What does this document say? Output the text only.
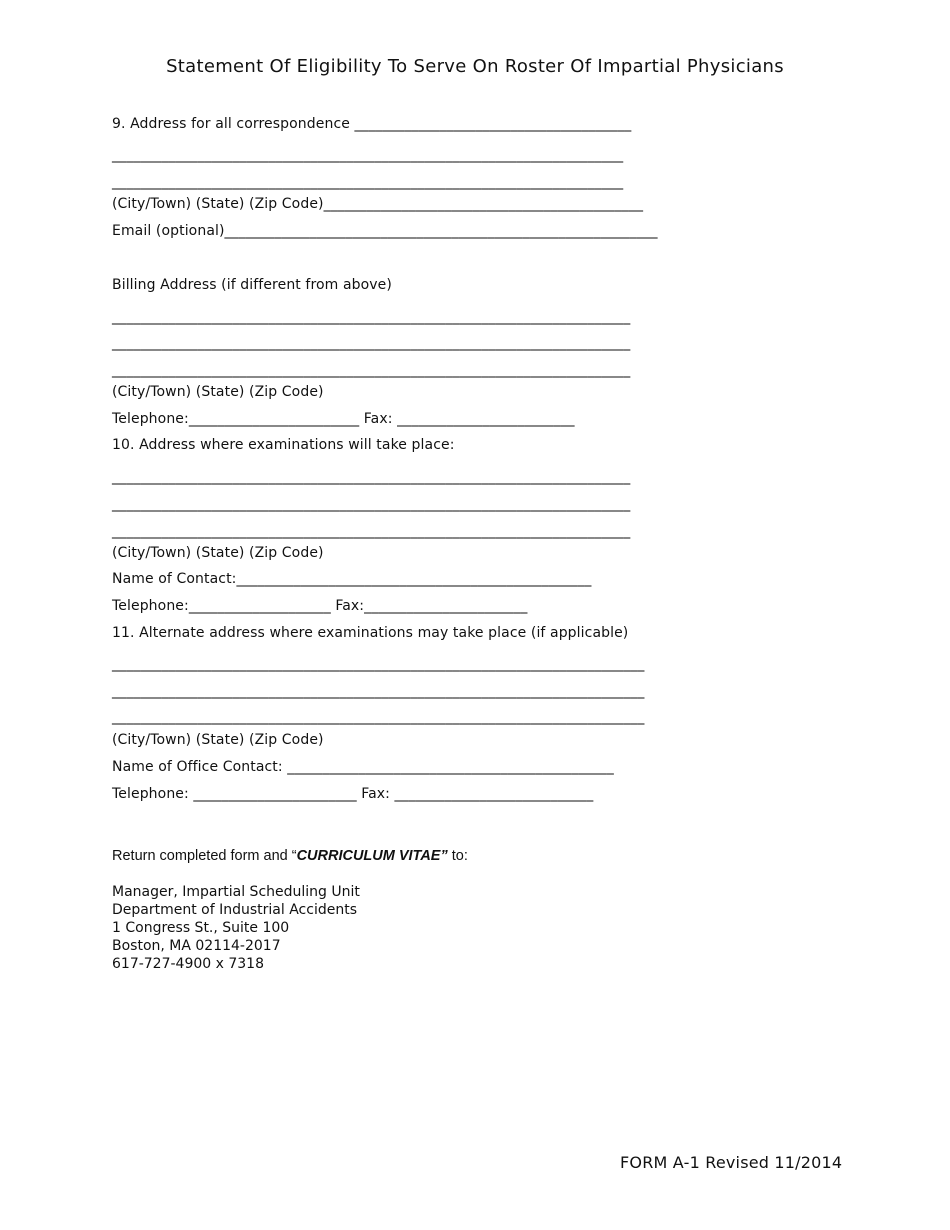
Statement Of Eligibility To Serve On Roster Of Impartial Physicians
9. Address for all correspondence _______________________________________
________________________________________________________________________
________________________________________________________________________
(City/Town) (State) (Zip Code)_____________________________________________
Email (optional)_____________________________________________________________
Billing Address (if different from above)
_________________________________________________________________________
_________________________________________________________________________
_________________________________________________________________________
(City/Town) (State) (Zip Code)
Telephone:________________________ Fax: _________________________
10. Address where examinations will take place:
_________________________________________________________________________
_________________________________________________________________________
_________________________________________________________________________
(City/Town) (State) (Zip Code)
Name of Contact:__________________________________________________
Telephone:____________________ Fax:_______________________
11. Alternate address where examinations may take place (if applicable)
___________________________________________________________________________
___________________________________________________________________________
___________________________________________________________________________
(City/Town) (State) (Zip Code)
Name of Office Contact: ______________________________________________
Telephone: _______________________ Fax: ____________________________
Return completed form and “CURRICULUM VITAE” to:
Manager, Impartial Scheduling Unit
Department of Industrial Accidents
1 Congress St., Suite 100
Boston, MA 02114-2017
617-727-4900 x 7318
FORM A-1 Revised 11/2014
